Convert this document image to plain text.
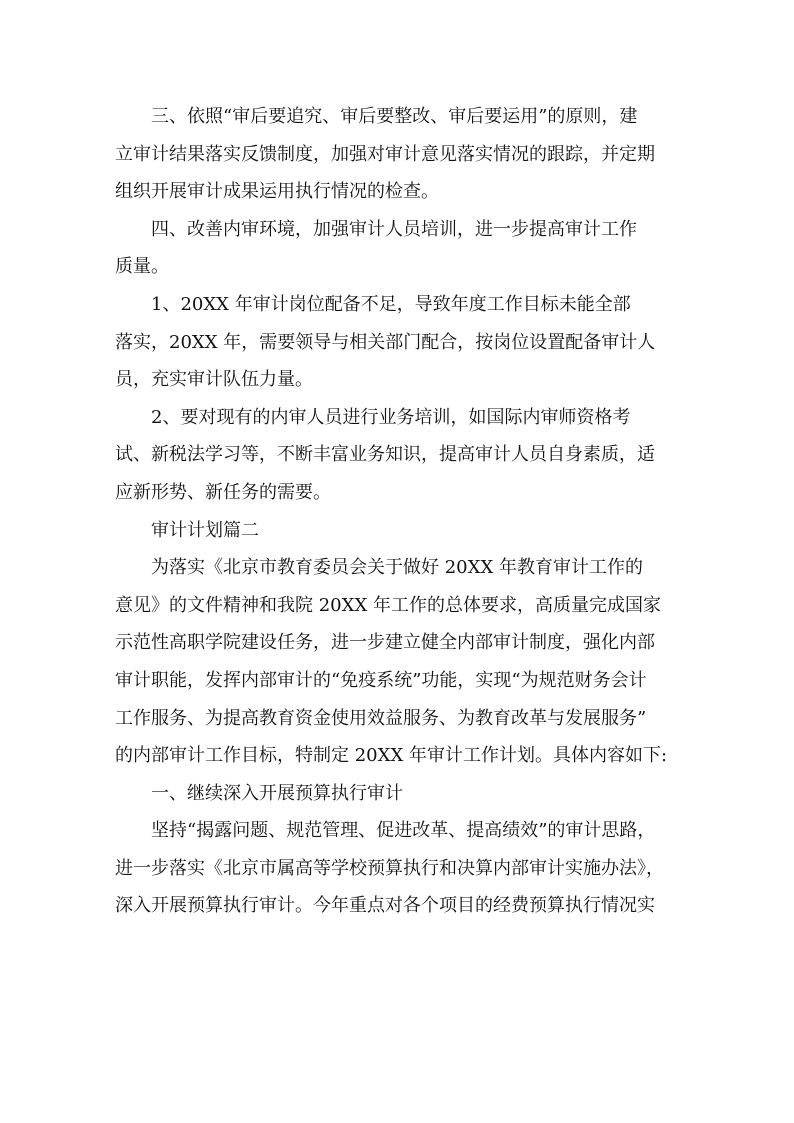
三、依照“审后要追究、审后要整改、审后要运用”的原则，建
立审计结果落实反馈制度，加强对审计意见落实情况的跟踪，并定期
组织开展审计成果运用执行情况的检查。
四、改善内审环境，加强审计人员培训，进一步提高审计工作
质量。
1、20XX 年审计岗位配备不足，导致年度工作目标未能全部
落实，20XX 年，需要领导与相关部门配合，按岗位设置配备审计人
员，充实审计队伍力量。
2、要对现有的内审人员进行业务培训，如国际内审师资格考
试、新税法学习等，不断丰富业务知识，提高审计人员自身素质，适
应新形势、新任务的需要。
审计计划篇二
为落实《北京市教育委员会关于做好 20XX 年教育审计工作的
意见》的文件精神和我院 20XX 年工作的总体要求，高质量完成国家
示范性高职学院建设任务，进一步建立健全内部审计制度，强化内部
审计职能，发挥内部审计的“免疫系统”功能，实现“为规范财务会计
工作服务、为提高教育资金使用效益服务、为教育改革与发展服务”
的内部审计工作目标，特制定 20XX 年审计工作计划。具体内容如下:
一、继续深入开展预算执行审计
坚持“揭露问题、规范管理、促进改革、提高绩效”的审计思路，
进一步落实《北京市属高等学校预算执行和决算内部审计实施办法》，
深入开展预算执行审计。今年重点对各个项目的经费预算执行情况实
